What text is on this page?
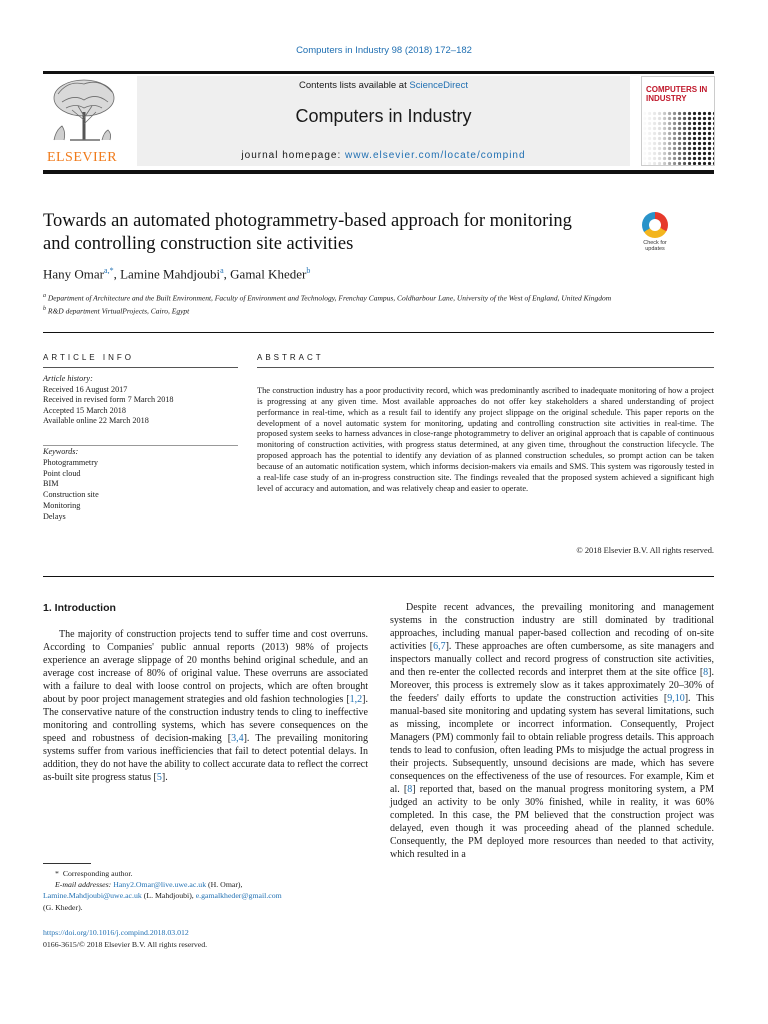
Computers in Industry 98 (2018) 172–182
ELSEVIER
Contents lists available at ScienceDirect
Computers in Industry
journal homepage: www.elsevier.com/locate/compind
COMPUTERS IN INDUSTRY
Towards an automated photogrammetry-based approach for monitoring and controlling construction site activities	Check for updates
Hany Omar$^{a,*}$, Lamine Mahdjoubi$^a$, Gamal Kheder$^b$
$^a$ Department of Architecture and the Built Environment, Faculty of Environment and Technology, Frenchay Campus, Coldharbour Lane, University of the West of England, United Kingdom
$^b$ R&D department VirtualProjects, Cairo, Egypt
ARTICLE INFO	ABSTRACT
Article history:
Received 16 August 2017
Received in revised form 7 March 2018
Accepted 15 March 2018
Available online 22 March 2018
Keywords:
Photogrammetry
Point cloud
BIM
Construction site
Monitoring
Delays
The construction industry has a poor productivity record, which was predominantly ascribed to inadequate monitoring of how a project is progressing at any given time. Most available approaches do not offer key stakeholders a shared understanding of project performance in real-time, which as a result fail to identify any project slippage on the original schedule. This paper reports on the development of a novel automatic system for monitoring, updating and controlling construction site activities in real-time. The proposed system seeks to harness advances in close-range photogrammetry to deliver an original approach that is capable of continuous monitoring of construction activities, with progress status determined, at any given time, throughout the construction lifecycle. The proposed approach has the potential to identify any deviation of as planned construction schedules, so prompt action can be taken because of an automatic notification system, which informs decision-makers via emails and SMS. This system was rigorously tested in a real-life case study of an in-progress construction site. The findings revealed that the proposed system achieved a significant high level of accuracy and automation, and was relatively cheap and easier to operate.
© 2018 Elsevier B.V. All rights reserved.
1. Introduction
The majority of construction projects tend to suffer time and cost overruns. According to Companies' public annual reports (2013) 98% of projects experience an average slippage of 20 months behind original schedule, and an average cost increase of 80% of original value. These overruns are associated with a failure to deal with loose control on projects, which are often brought about by poor project management strategies and old fashion technologies [1,2]. The conservative nature of the construction industry tends to cling to ineffective monitoring and controlling systems, which has severe consequences on the speed and robustness of decision-making [3,4]. The prevailing monitoring systems suffer from various inefficiencies that fail to detect potential delays. In addition, they do not have the ability to collect accurate data to reflect the correct as-built site progress status [5].
Despite recent advances, the prevailing monitoring and management systems in the construction industry are still dominated by traditional approaches, including manual paper-based collection and recoding of on-site activities [6,7]. These approaches are often cumbersome, as site managers and inspectors manually collect and record progress of construction site activities, and then re-enter the collected records and interpret them at the site office [8]. Moreover, this process is extremely slow as it takes approximately 20–30% of the feeders' daily efforts to update the construction activities [9,10]. This manual-based site monitoring and updating system has several limitations, such as missing, incomplete or incorrect information. Consequently, Project Managers (PM) commonly fail to obtain reliable progress details. This approach tends to lead to confusion, often leading PMs to misjudge the actual progress in their projects. Subsequently, unsound decisions are made, which has severe consequences on the effectiveness of the use of resources. For example, Kim et al. [8] reported that, based on the manual progress monitoring system, a PM judged an activity to be only 30% finished, while in reality, it was 60% completed. In this case, the PM believed that the construction project was delayed, even though it was proceeding ahead of the planned schedule. Consequently, the PM deployed more resources than needed to that activity, which resulted in a
* Corresponding author.
E-mail addresses: Hany2.Omar@live.uwe.ac.uk (H. Omar),
Lamine.Mahdjoubi@uwe.ac.uk (L. Mahdjoubi), e.gamalkheder@gmail.com
(G. Kheder).
https://doi.org/10.1016/j.compind.2018.03.012
0166-3615/© 2018 Elsevier B.V. All rights reserved.
